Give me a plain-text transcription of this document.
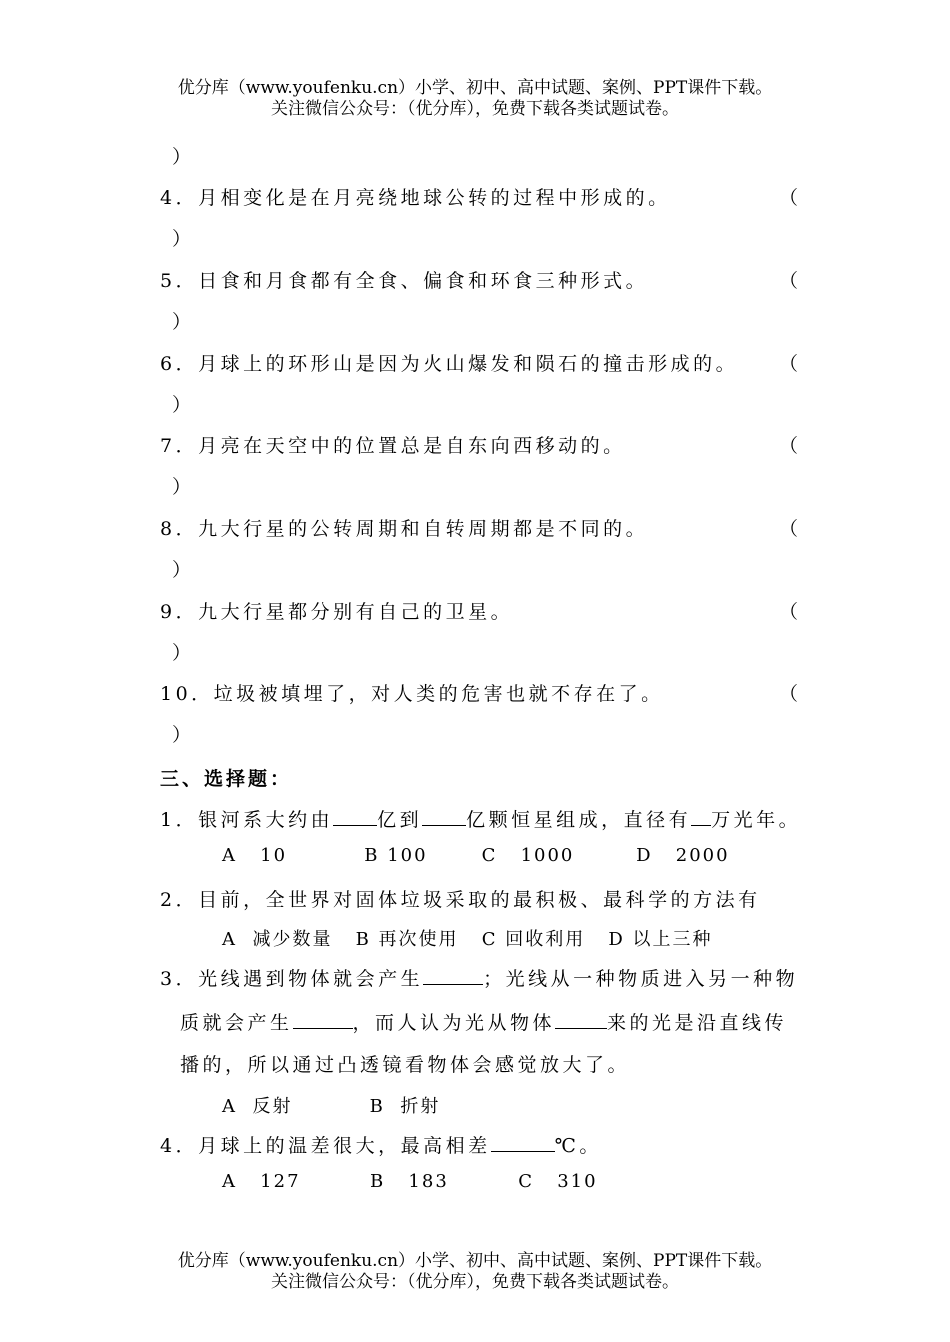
优分库（www.youfenku.cn）小学、初中、高中试题、案例、PPT课件下载。
关注微信公众号：（优分库），免费下载各类试题试卷。
）
4．月相变化是在月亮绕地球公转的过程中形成的。	（
）
5．日食和月食都有全食、偏食和环食三种形式。	（
）
6．月球上的环形山是因为火山爆发和陨石的撞击形成的。 （
）
7．月亮在天空中的位置总是自东向西移动的。	（
）
8．九大行星的公转周期和自转周期都是不同的。	（
）
9．九大行星都分别有自己的卫星。	（
）
10．垃圾被填埋了，对人类的危害也就不存在了。	（
）
三、选择题：
1．银河系大约由 亿到 亿颗恒星组成，直径有 万光年。
A   10          B 100       C   1000        D   2000
2．目前，全世界对固体垃圾采取的最积极、最科学的方法有
A  减少数量   B 再次使用   C 回收利用   D 以上三种
3．光线遇到物体就会产生	；光线从一种物质进入另一种物
质就会产生	，而人认为光从物体	来的光是沿直线传
播的，所以通过凸透镜看物体会感觉放大了。
A  反射          B  折射
4．月球上的温差很大，最高相差	℃。
A   127         B   183         C   310
优分库（www.youfenku.cn）小学、初中、高中试题、案例、PPT课件下载。
关注微信公众号：（优分库），免费下载各类试题试卷。
